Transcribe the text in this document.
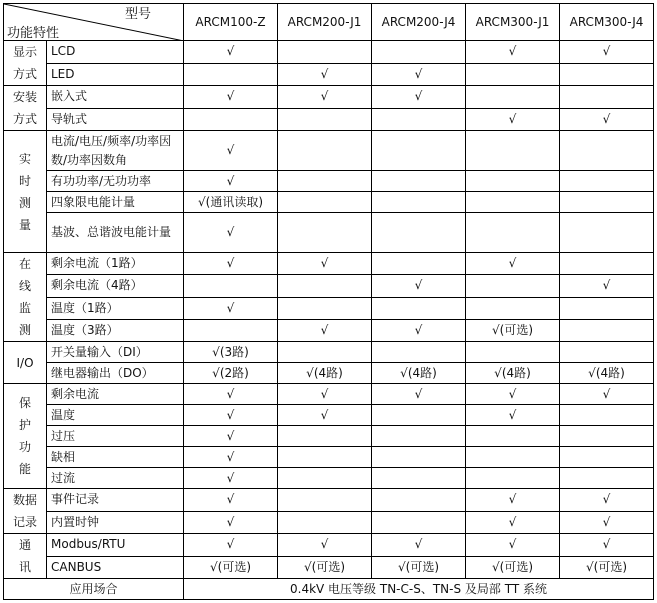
型号
功能特性		ARCM100-Z	ARCM200-J1	ARCM200-J4	ARCM300-J1	ARCM300-J4
显示
方式	LCD	√			√	√
	LED		√	√		
安装
方式	嵌入式	√	√	√		
	导轨式				√	√
实
时
测
量	电流/电压/频率/功率因数/功率因数角	√				
	有功功率/无功功率	√				
	四象限电能计量	√(通讯读取)				
	基波、总谐波电能计量	√				
在
线
监
测	剩余电流（1路）	√	√		√	
	剩余电流（4路）			√		√
	温度（1路）	√				
	温度（3路）		√	√	√(可选)	
I/O	开关量输入（DI）	√(3路)				
	继电器输出（DO）	√(2路)	√(4路)	√(4路)	√(4路)	√(4路)
保
护
功
能	剩余电流	√	√	√	√	√
	温度	√	√		√	
	过压	√				
	缺相	√				
	过流	√				
数据
记录	事件记录	√			√	√
	内置时钟	√			√	√
通
讯	Modbus/RTU	√	√	√	√	√
	CANBUS	√(可选)	√(可选)	√(可选)	√(可选)	√(可选)
应用场合		0.4kV 电压等级 TN-C-S、TN-S 及局部 TT 系统				
